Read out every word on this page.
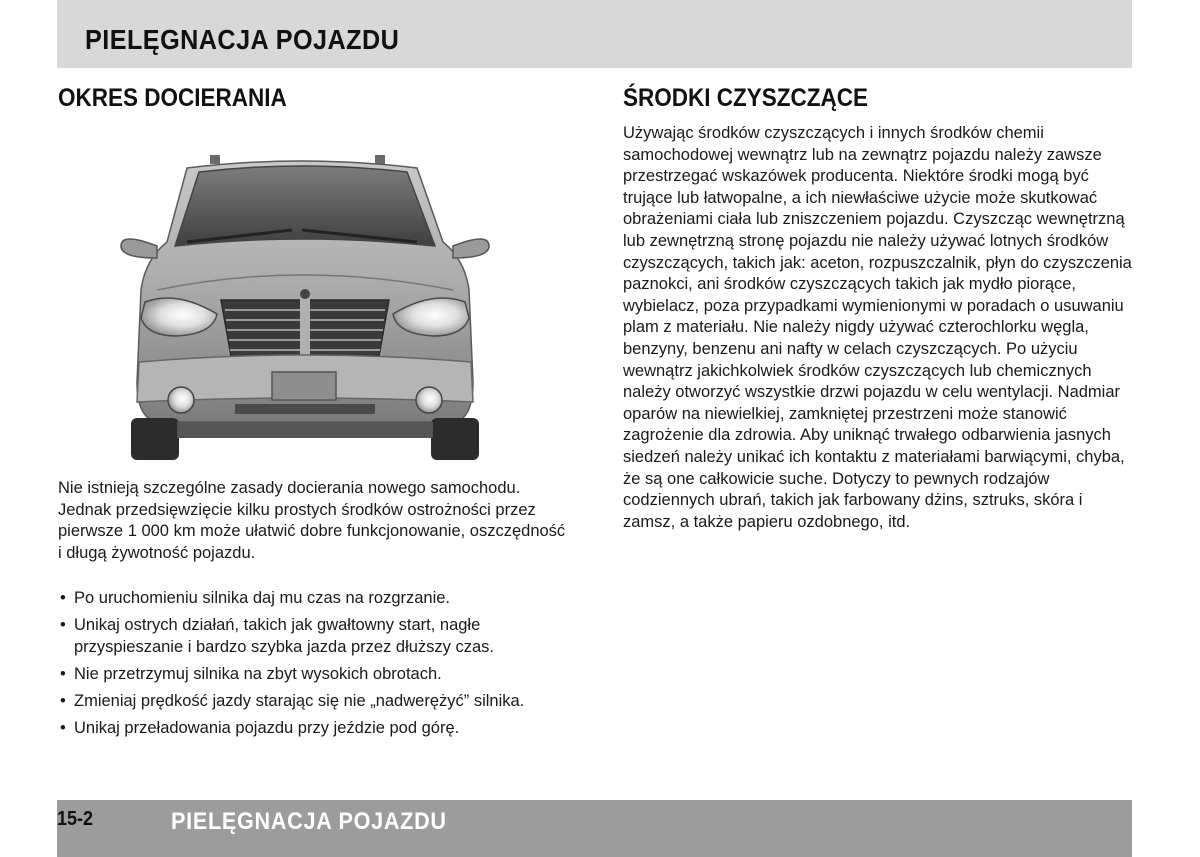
PIELĘGNACJA POJAZDU
OKRES DOCIERANIA	ŚRODKI CZYSZCZĄCE
Nie istnieją szczególne zasady docierania nowego samochodu.
Jednak przedsięwzięcie kilku prostych środków ostrożności przez
pierwsze 1 000 km może ułatwić dobre funkcjonowanie, oszczędność
i długą żywotność pojazdu.
• Po uruchomieniu silnika daj mu czas na rozgrzanie.
• Unikaj ostrych działań, takich jak gwałtowny start, nagłe
przyspieszanie i bardzo szybka jazda przez dłuższy czas.
• Nie przetrzymuj silnika na zbyt wysokich obrotach.
• Zmieniaj prędkość jazdy starając się nie „nadwerężyć” silnika.
• Unikaj przeładowania pojazdu przy jeździe pod górę.
Używając środków czyszczących i innych środków chemii
samochodowej wewnątrz lub na zewnątrz pojazdu należy zawsze
przestrzegać wskazówek producenta. Niektóre środki mogą być
trujące lub łatwopalne, a ich niewłaściwe użycie może skutkować
obrażeniami ciała lub zniszczeniem pojazdu. Czyszcząc wewnętrzną
lub zewnętrzną stronę pojazdu nie należy używać lotnych środków
czyszczących, takich jak: aceton, rozpuszczalnik, płyn do czyszczenia
paznokci, ani środków czyszczących takich jak mydło piorące,
wybielacz, poza przypadkami wymienionymi w poradach o usuwaniu
plam z materiału. Nie należy nigdy używać czterochlorku węgla,
benzyny, benzenu ani nafty w celach czyszczących. Po użyciu
wewnątrz jakichkolwiek środków czyszczących lub chemicznych
należy otworzyć wszystkie drzwi pojazdu w celu wentylacji. Nadmiar
oparów na niewielkiej, zamkniętej przestrzeni może stanowić
zagrożenie dla zdrowia. Aby uniknąć trwałego odbarwienia jasnych
siedzeń należy unikać ich kontaktu z materiałami barwiącymi, chyba,
że są one całkowicie suche. Dotyczy to pewnych rodzajów
codziennych ubrań, takich jak farbowany dżins, sztruks, skóra i
zamsz, a także papieru ozdobnego, itd.
15-2	PIELĘGNACJA POJAZDU
